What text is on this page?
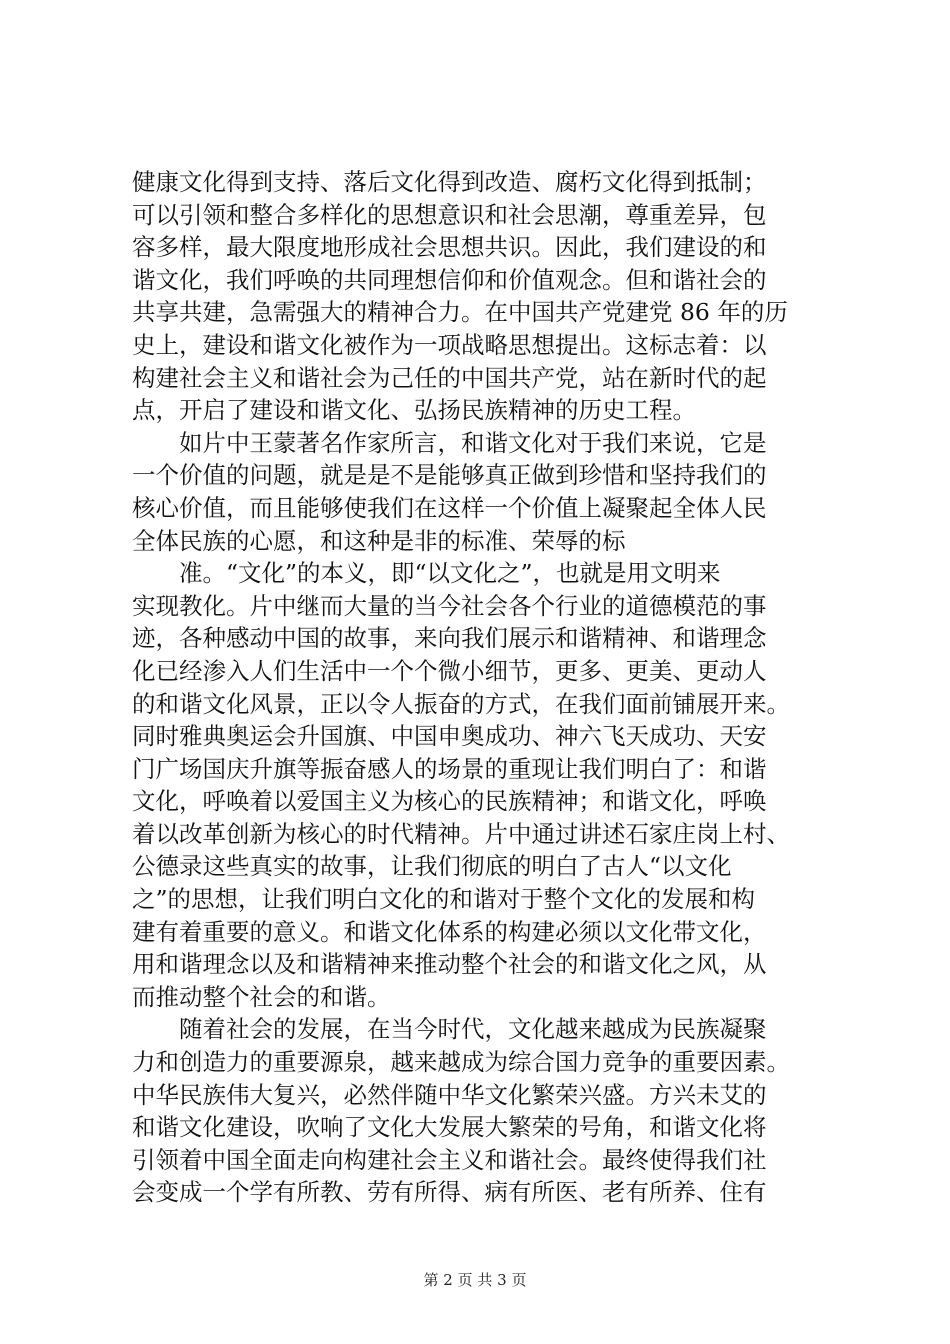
健康文化得到支持、落后文化得到改造、腐朽文化得到抵制；
可以引领和整合多样化的思想意识和社会思潮，尊重差异，包
容多样，最大限度地形成社会思想共识。因此，我们建设的和
谐文化，我们呼唤的共同理想信仰和价值观念。但和谐社会的
共享共建，急需强大的精神合力。在中国共产党建党 86 年的历
史上，建设和谐文化被作为一项战略思想提出。这标志着：以
构建社会主义和谐社会为己任的中国共产党，站在新时代的起
点，开启了建设和谐文化、弘扬民族精神的历史工程。
如片中王蒙著名作家所言，和谐文化对于我们来说，它是
一个价值的问题，就是是不是能够真正做到珍惜和坚持我们的
核心价值，而且能够使我们在这样一个价值上凝聚起全体人民
全体民族的心愿，和这种是非的标准、荣辱的标
准。“文化”的本义，即“以文化之”，也就是用文明来
实现教化。片中继而大量的当今社会各个行业的道德模范的事
迹，各种感动中国的故事，来向我们展示和谐精神、和谐理念
化已经渗入人们生活中一个个微小细节，更多、更美、更动人
的和谐文化风景，正以令人振奋的方式，在我们面前铺展开来。
同时雅典奥运会升国旗、中国申奥成功、神六飞天成功、天安
门广场国庆升旗等振奋感人的场景的重现让我们明白了：和谐
文化，呼唤着以爱国主义为核心的民族精神；和谐文化，呼唤
着以改革创新为核心的时代精神。片中通过讲述石家庄岗上村、
公德录这些真实的故事，让我们彻底的明白了古人“以文化
之”的思想，让我们明白文化的和谐对于整个文化的发展和构
建有着重要的意义。和谐文化体系的构建必须以文化带文化，
用和谐理念以及和谐精神来推动整个社会的和谐文化之风，从
而推动整个社会的和谐。
随着社会的发展，在当今时代，文化越来越成为民族凝聚
力和创造力的重要源泉，越来越成为综合国力竞争的重要因素。
中华民族伟大复兴，必然伴随中华文化繁荣兴盛。方兴未艾的
和谐文化建设，吹响了文化大发展大繁荣的号角，和谐文化将
引领着中国全面走向构建社会主义和谐社会。最终使得我们社
会变成一个学有所教、劳有所得、病有所医、老有所养、住有
第 2 页 共 3 页
